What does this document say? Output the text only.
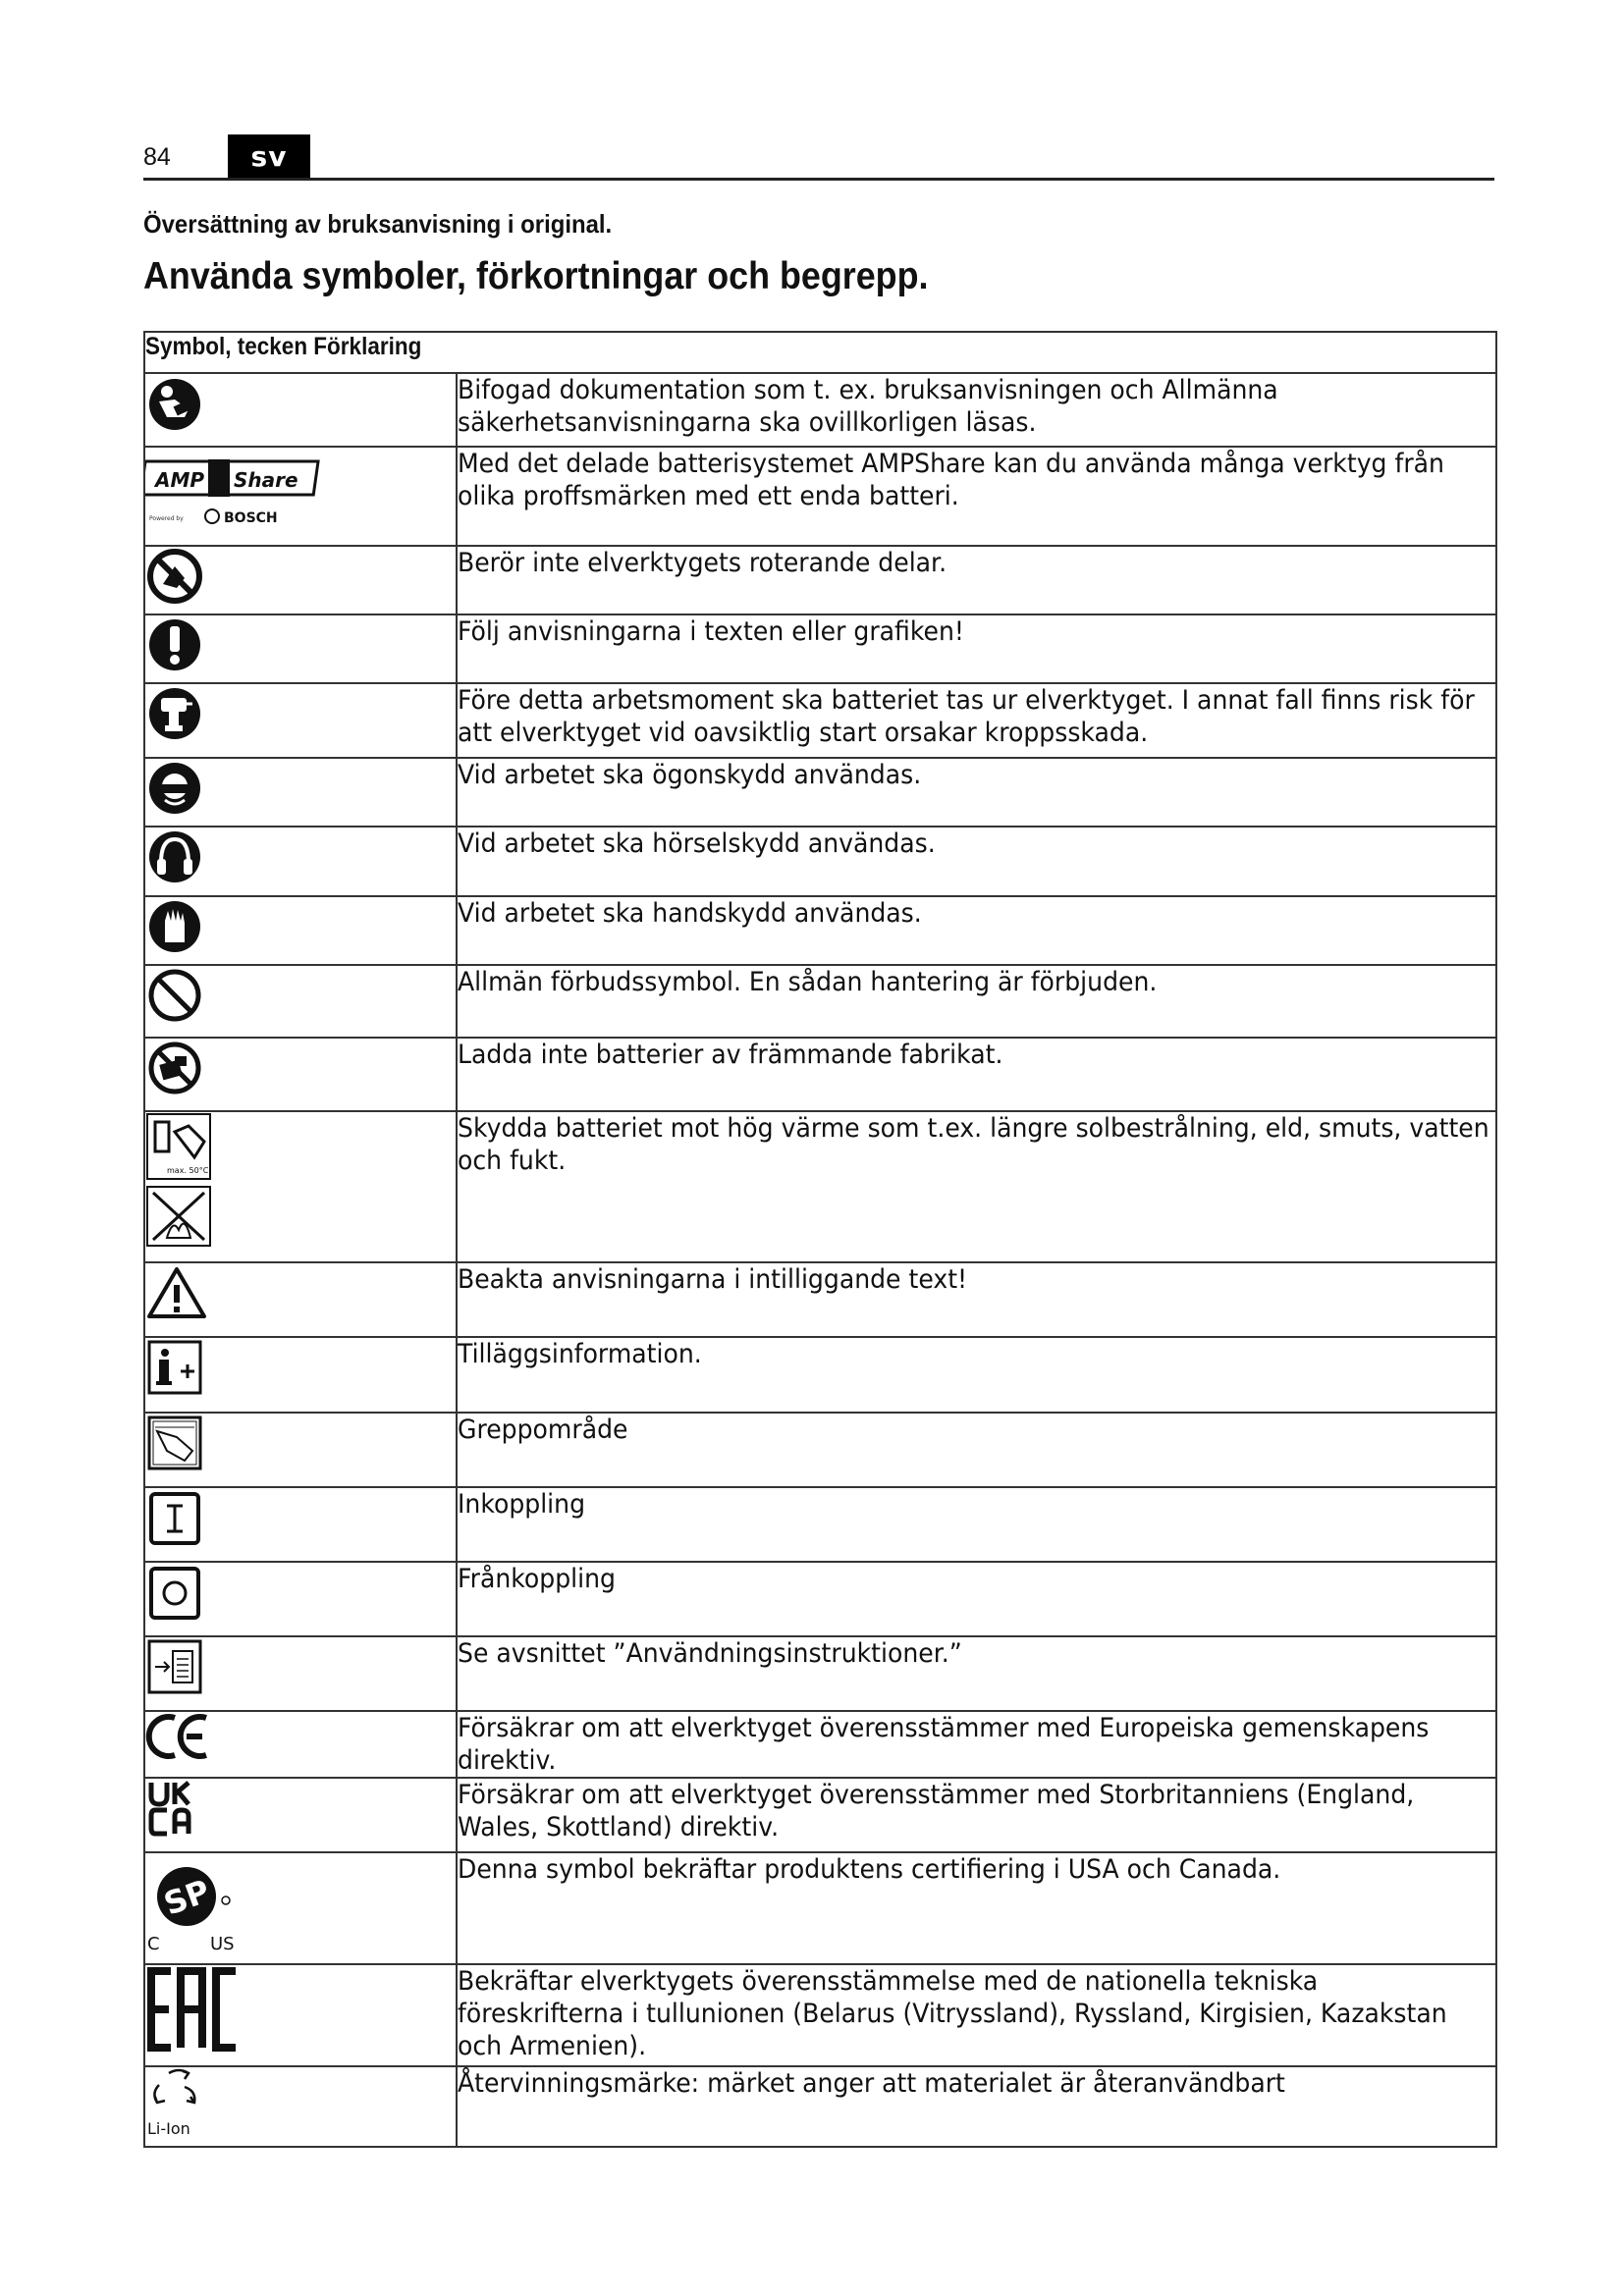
84	sv
Översättning av bruksanvisning i original.
Använda symboler, förkortningar och begrepp.
Symbol, tecken Förklaring	

	Bifogad dokumentation som t. ex. bruksanvisningen och Allmänna säkerhetsanvisningarna ska ovillkorligen läsas.

AMP Share
Powered by BOSCH	Med det delade batterisystemet AMPShare kan du använda många verktyg från olika proffsmärken med ett enda batteri.

	Berör inte elverktygets roterande delar.

	Följ anvisningarna i texten eller grafiken!

	Före detta arbetsmoment ska batteriet tas ur elverktyget. I annat fall finns risk för att elverktyget vid oavsiktlig start orsakar kroppsskada.

	Vid arbetet ska ögonskydd användas.

	Vid arbetet ska hörselskydd användas.

	Vid arbetet ska handskydd användas.

	Allmän förbudssymbol. En sådan hantering är förbjuden.

	Ladda inte batterier av främmande fabrikat.

max. 50°C	Skydda batteriet mot hög värme som t.ex. längre solbestrålning, eld, smuts, vatten och fukt.

	Beakta anvisningarna i intilliggande text!

	Tilläggsinformation.

	Greppområde

	Inkoppling

	Frånkoppling

	Se avsnittet ”Användningsinstruktioner.”

	Försäkrar om att elverktyget överensstämmer med Europeiska gemenskapens direktiv.

	Försäkrar om att elverktyget överensstämmer med Storbritanniens (England, Wales, Skottland) direktiv.

SP
C US	Denna symbol bekräftar produktens certifiering i USA och Canada.

	Bekräftar elverktygets överensstämmelse med de nationella tekniska föreskrifterna i tullunionen (Belarus (Vitryssland), Ryssland, Kirgisien, Kazakstan och Armenien).

Li-Ion	Återvinningsmärke: märket anger att materialet är återanvändbart
